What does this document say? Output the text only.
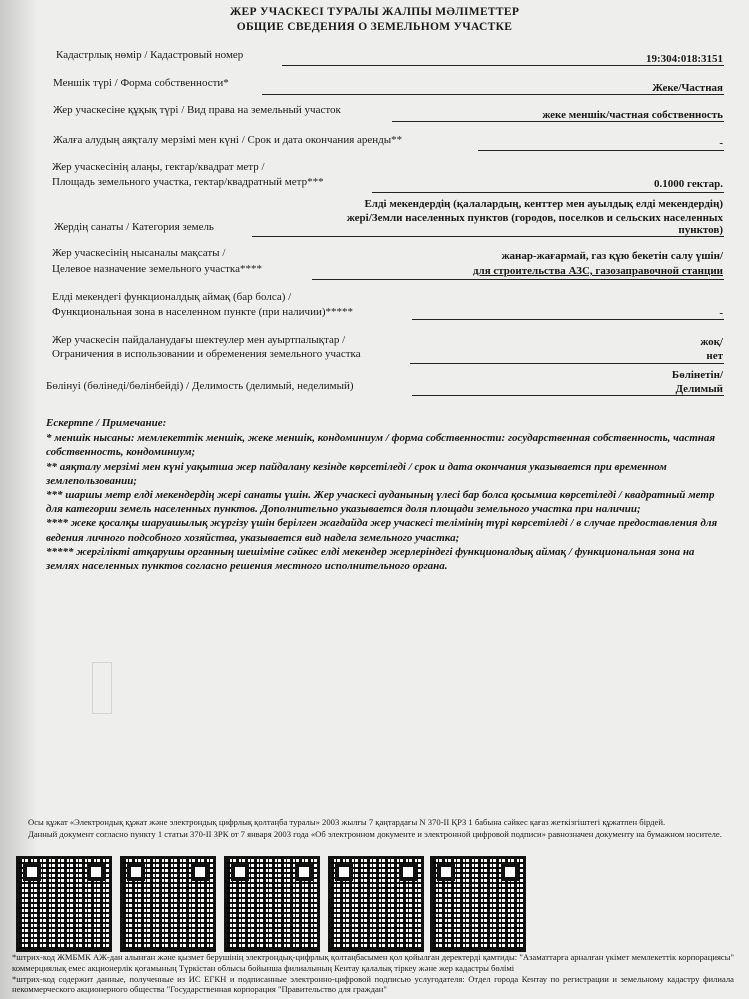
ЖЕР УЧАСКЕСІ ТУРАЛЫ ЖАЛПЫ МӘЛІМЕТТЕР
ОБЩИЕ СВЕДЕНИЯ О ЗЕМЕЛЬНОМ УЧАСТКЕ
Кадастрлық нөмір / Кадастровый номер	19:304:018:3151
Меншік түрі / Форма собственности*	Жеке/Частная
Жер учаскесіне құқық түрі / Вид права на земельный участок	жеке меншік/частная собственность
Жалға алудың аяқталу мерзімі мен күні / Срок и дата окончания аренды**	-
Жер учаскесінің алаңы, гектар/квадрат метр /
Площадь земельного участка, гектар/квадратный метр***	0.1000 гектар.
Елді мекендердің (қалалардың, кенттер мен ауылдық елді мекендердің)
жері/Земли населенных пунктов (городов, поселков и сельских населенных
Жердің санаты / Категория земель	пунктов)
Жер учаскесінің нысаналы мақсаты /	жанар-жағармай, газ құю бекетін салу үшін/
Целевое назначение земельного участка****	для строительства АЗС, газозаправочной станции
Елді мекендегі функционалдық аймақ (бар болса) /
Функциональная зона в населенном пункте (при наличии)*****	-
Жер учаскесін пайдаланудағы шектеулер мен ауыртпалықтар /	жоқ/
Ограничения в использовании и обременения земельного участка	нет
Бөлінетін/
Бөлінуі (бөлінеді/бөлінбейді) / Делимость (делимый, неделимый)	Делимый

Ескертпе / Примечание:

* меншік нысаны: мемлекеттік меншік, жеке меншік, кондоминиум / форма собственности: государственная собственность, частная собственность, кондоминиум;

** аяқталу мерзімі мен күні уақытша жер пайдалану кезінде көрсетіледі / срок и дата окончания указывается при временном землепользовании;

*** шаршы метр елді мекендердің жері санаты үшін. Жер учаскесі ауданының үлесі бар болса қосымша көрсетіледі / квадратный метр для категории земель населенных пунктов. Дополнительно указывается доля площади земельного участка при наличии;

**** жеке қосалқы шаруашылық жүргізу үшін берілген жағдайда жер учаскесі телімінің түрі көрсетіледі / в случае предоставления для ведения личного подсобного хозяйства, указывается вид надела земельного участка;

***** жергілікті атқарушы органның шешіміне сәйкес елді мекендер жерлеріндегі функционалдық аймақ / функциональная зона на землях населенных пунктов согласно решения местного исполнительного органа.

Осы құжат «Электрондық құжат және электрондық цифрлық қолтаңба туралы» 2003 жылғы 7 қаңтардағы N 370-II ҚРЗ 1 бабына сәйкес қағаз жеткізгіштегі құжатпен бірдей.
Данный документ согласно пункту 1 статьи 370-II ЗРК от 7 января 2003 года «Об электронном документе и электронной цифровой подписи» равнозначен документу на бумажном носителе.
*штрих-код ЖМБМК АЖ-дан алынған және қызмет берушінің электрондық-цифрлық қолтаңбасымен қол қойылған деректерді қамтиды: "Азаматтарға арналған үкімет мемлекеттік корпорациясы" коммерциялық емес акционерлік қоғамының Түркістан облысы бойынша филиалының Кентау қалалық тіркеу және жер кадастры бөлімі
*штрих-код содержит данные, полученные из ИС ЕГКН и подписанные электронно-цифровой подписью услугодателя: Отдел города Кентау по регистрации и земельному кадастру филиала некоммерческого акционерного общества "Государственная корпорация "Правительство для граждан"
